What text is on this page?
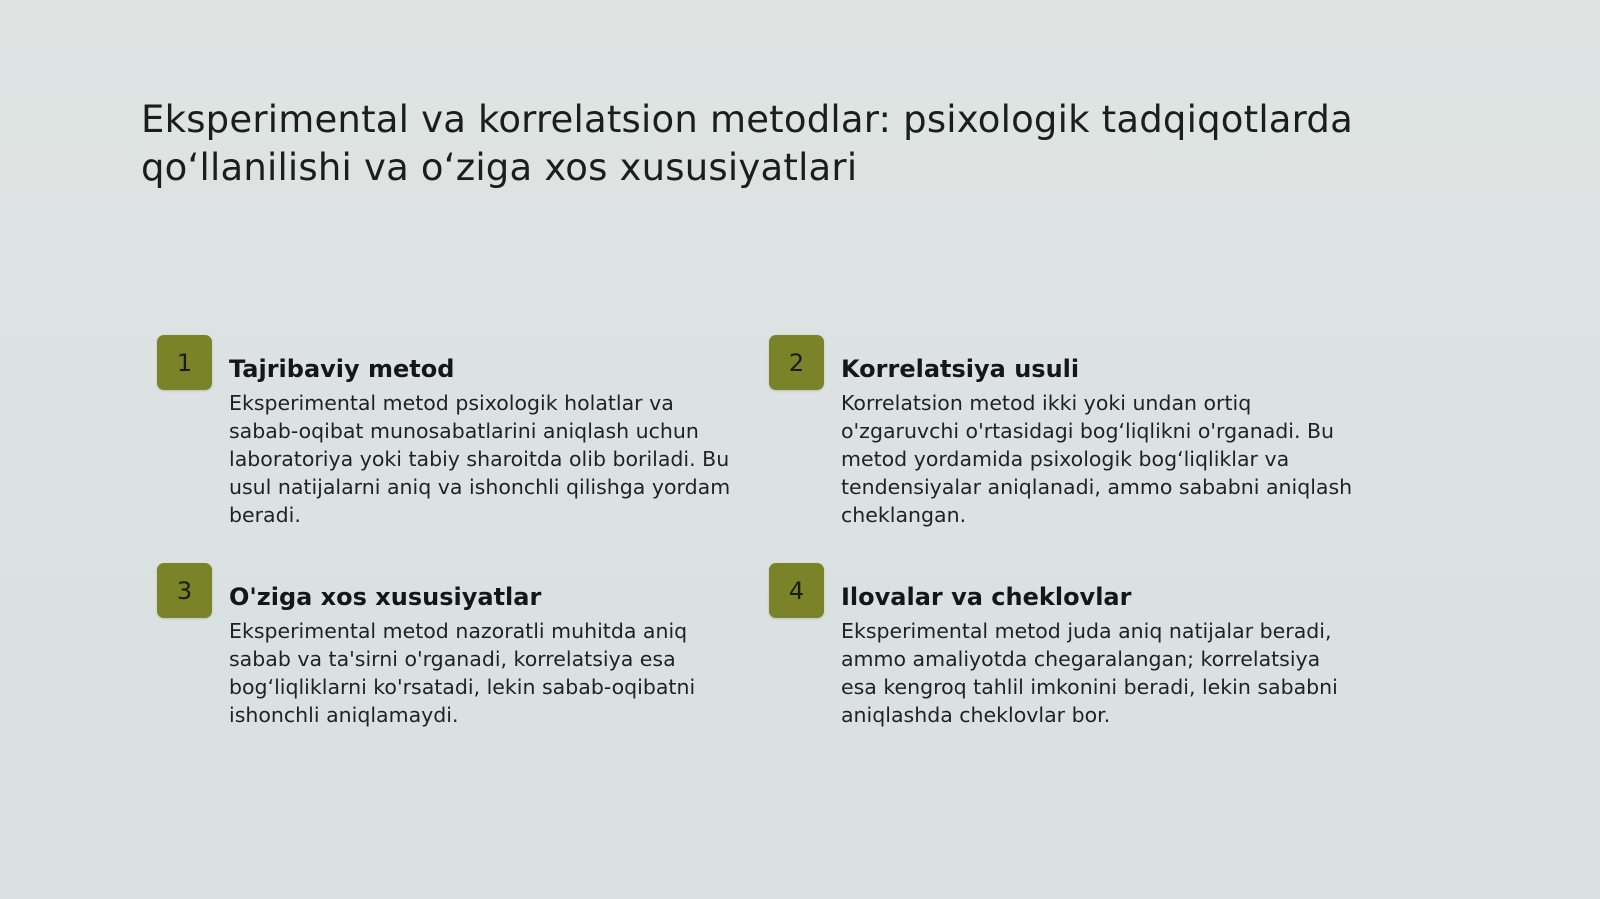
Eksperimental va korrelatsion metodlar: psixologik tadqiqotlarda
qo‘llanilishi va o‘ziga xos xususiyatlari
1	Tajribaviy metod

Eksperimental metod psixologik holatlar va sabab-oqibat munosabatlarini aniqlash uchun laboratoriya yoki tabiy sharoitda olib boriladi. Bu usul natijalarni aniq va ishonchli qilishga yordam beradi.

2	Korrelatsiya usuli

Korrelatsion metod ikki yoki undan ortiq o'zgaruvchi o'rtasidagi bog‘liqlikni o'rganadi. Bu metod yordamida psixologik bog‘liqliklar va tendensiyalar aniqlanadi, ammo sababni aniqlash cheklangan.

3	O'ziga xos xususiyatlar

Eksperimental metod nazoratli muhitda aniq sabab va ta'sirni o'rganadi, korrelatsiya esa bog‘liqliklarni ko'rsatadi, lekin sabab-oqibatni ishonchli aniqlamaydi.

4	Ilovalar va cheklovlar

Eksperimental metod juda aniq natijalar beradi, ammo amaliyotda chegaralangan; korrelatsiya esa kengroq tahlil imkonini beradi, lekin sababni aniqlashda cheklovlar bor.
